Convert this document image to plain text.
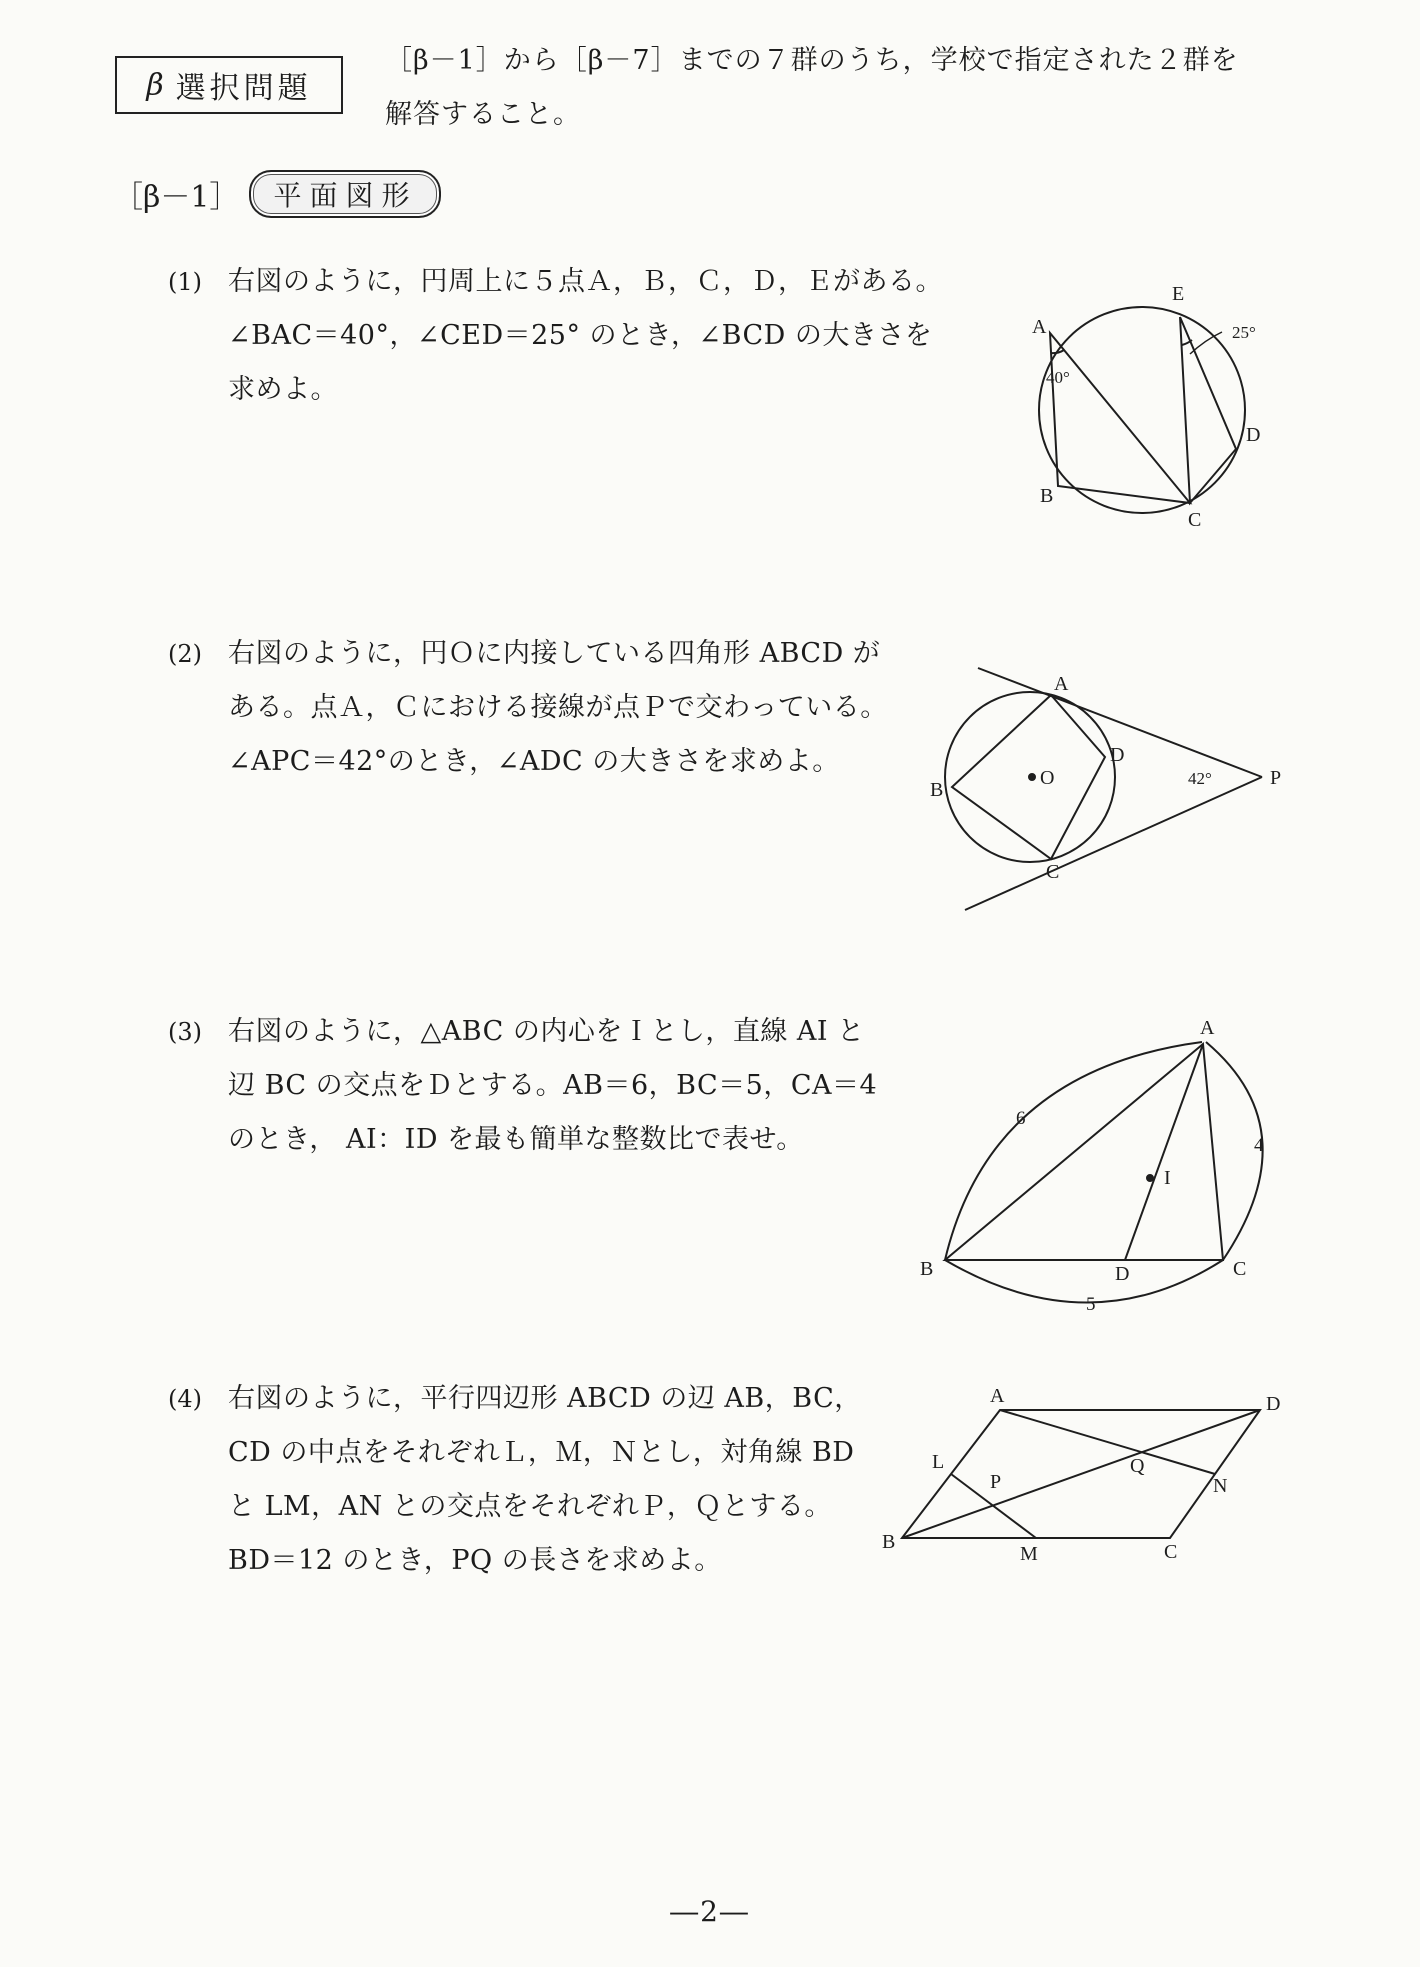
β 選択問題
［β－1］から［β－7］までの７群のうち，学校で指定された２群を
解答すること。
［β－1］	平面図形
(1) 右図のように，円周上に５点Ａ，Ｂ，Ｃ，Ｄ，Ｅがある。
∠BAC＝40°，∠CED＝25° のとき，∠BCD の大きさを
求めよ。
A
B
C
D
E
40°
25°
(2) 右図のように，円Ｏに内接している四角形 ABCD が
ある。点Ａ，Ｃにおける接線が点Ｐで交わっている。
∠APC＝42°のとき，∠ADC の大きさを求めよ。
A
B
C
D
O	P
42°
(3) 右図のように，△ABC の内心をＩとし，直線 AI と
辺 BC の交点をＤとする。AB＝6，BC＝5，CA＝4
のとき， AI：ID を最も簡単な整数比で表せ。
A
B	C
D
I
6
4
5
(4) 右図のように，平行四辺形 ABCD の辺 AB，BC，
CD の中点をそれぞれＬ，Ｍ，Ｎとし，対角線 BD
と LM，AN との交点をそれぞれＰ，Ｑとする。
BD＝12 のとき，PQ の長さを求めよ。
A
B	C
D
L
M
N
P
Q
―2―
